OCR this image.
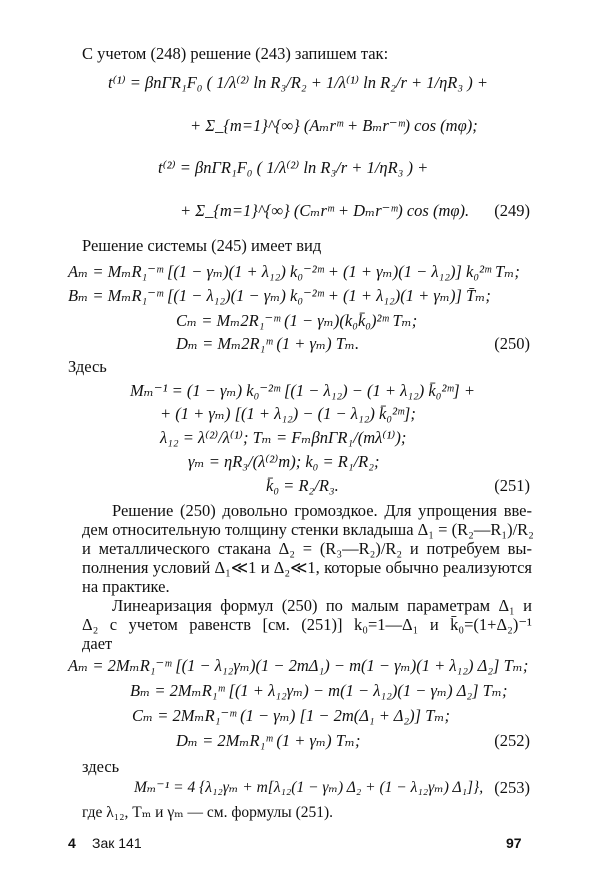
С учетом (248) решение (243) запишем так:
t⁽¹⁾ = βпΓR₁F₀ ( 1/λ⁽²⁾ ln R₃/R₂ + 1/λ⁽¹⁾ ln R₂/r + 1/ηR₃ ) +
+ Σ_{m=1}^{∞} (Aₘrᵐ + Bₘr⁻ᵐ) cos (mφ);
t⁽²⁾ = βпΓR₁F₀ ( 1/λ⁽²⁾ ln R₃/r + 1/ηR₃ ) +
+ Σ_{m=1}^{∞} (Cₘrᵐ + Dₘr⁻ᵐ) cos (mφ). (249)
Решение системы (245) имеет вид
Aₘ = MₘR₁⁻ᵐ [(1 − γₘ)(1 + λ₁₂) k₀⁻²ᵐ + (1 + γₘ)(1 − λ₁₂)] k₀²ᵐ Tₘ;
Bₘ = MₘR₁⁻ᵐ [(1 − λ₁₂)(1 − γₘ) k₀⁻²ᵐ + (1 + λ₁₂)(1 + γₘ)] T̄ₘ;
Cₘ = Mₘ2R₁⁻ᵐ (1 − γₘ)(k₀k̄₀)²ᵐ Tₘ;
Dₘ = Mₘ2R₁ᵐ (1 + γₘ) Tₘ.	(250)
Здесь
Mₘ⁻¹ = (1 − γₘ) k₀⁻²ᵐ [(1 − λ₁₂) − (1 + λ₁₂) k̄₀²ᵐ] +
+ (1 + γₘ) [(1 + λ₁₂) − (1 − λ₁₂) k̄₀²ᵐ];
λ₁₂ = λ⁽²⁾/λ⁽¹⁾; Tₘ = FₘβпΓR₁/(mλ⁽¹⁾);
γₘ = ηR₃/(λ⁽²⁾m); k₀ = R₁/R₂;
k̄₀ = R₂/R₃.	(251)
Решение (250) довольно громоздкое. Для упрощения вве-
дем относительную толщину стенки вкладыша Δ₁ = (R₂—R₁)/R₂
и металлического стакана Δ₂ = (R₃—R₂)/R₂ и потребуем вы-
полнения условий Δ₁≪1 и Δ₂≪1, которые обычно реализуются
на практике.
Линеаризация формул (250) по малым параметрам Δ₁ и
Δ₂ с учетом равенств [см. (251)] k₀=1—Δ₁ и k̄₀=(1+Δ₂)⁻¹
дает
Aₘ = 2MₘR₁⁻ᵐ [(1 − λ₁₂γₘ)(1 − 2mΔ₁) − m(1 − γₘ)(1 + λ₁₂) Δ₂] Tₘ;
Bₘ = 2MₘR₁ᵐ [(1 + λ₁₂γₘ) − m(1 − λ₁₂)(1 − γₘ) Δ₂] Tₘ;
Cₘ = 2MₘR₁⁻ᵐ (1 − γₘ) [1 − 2m(Δ₁ + Δ₂)] Tₘ;
Dₘ = 2MₘR₁ᵐ (1 + γₘ) Tₘ;	(252)
здесь
Mₘ⁻¹ = 4 {λ₁₂γₘ + m[λ₁₂(1 − γₘ) Δ₂ + (1 − λ₁₂γₘ) Δ₁]}, (253)
где λ₁₂, Tₘ и γₘ — см. формулы (251).
4 Зак 141	97
